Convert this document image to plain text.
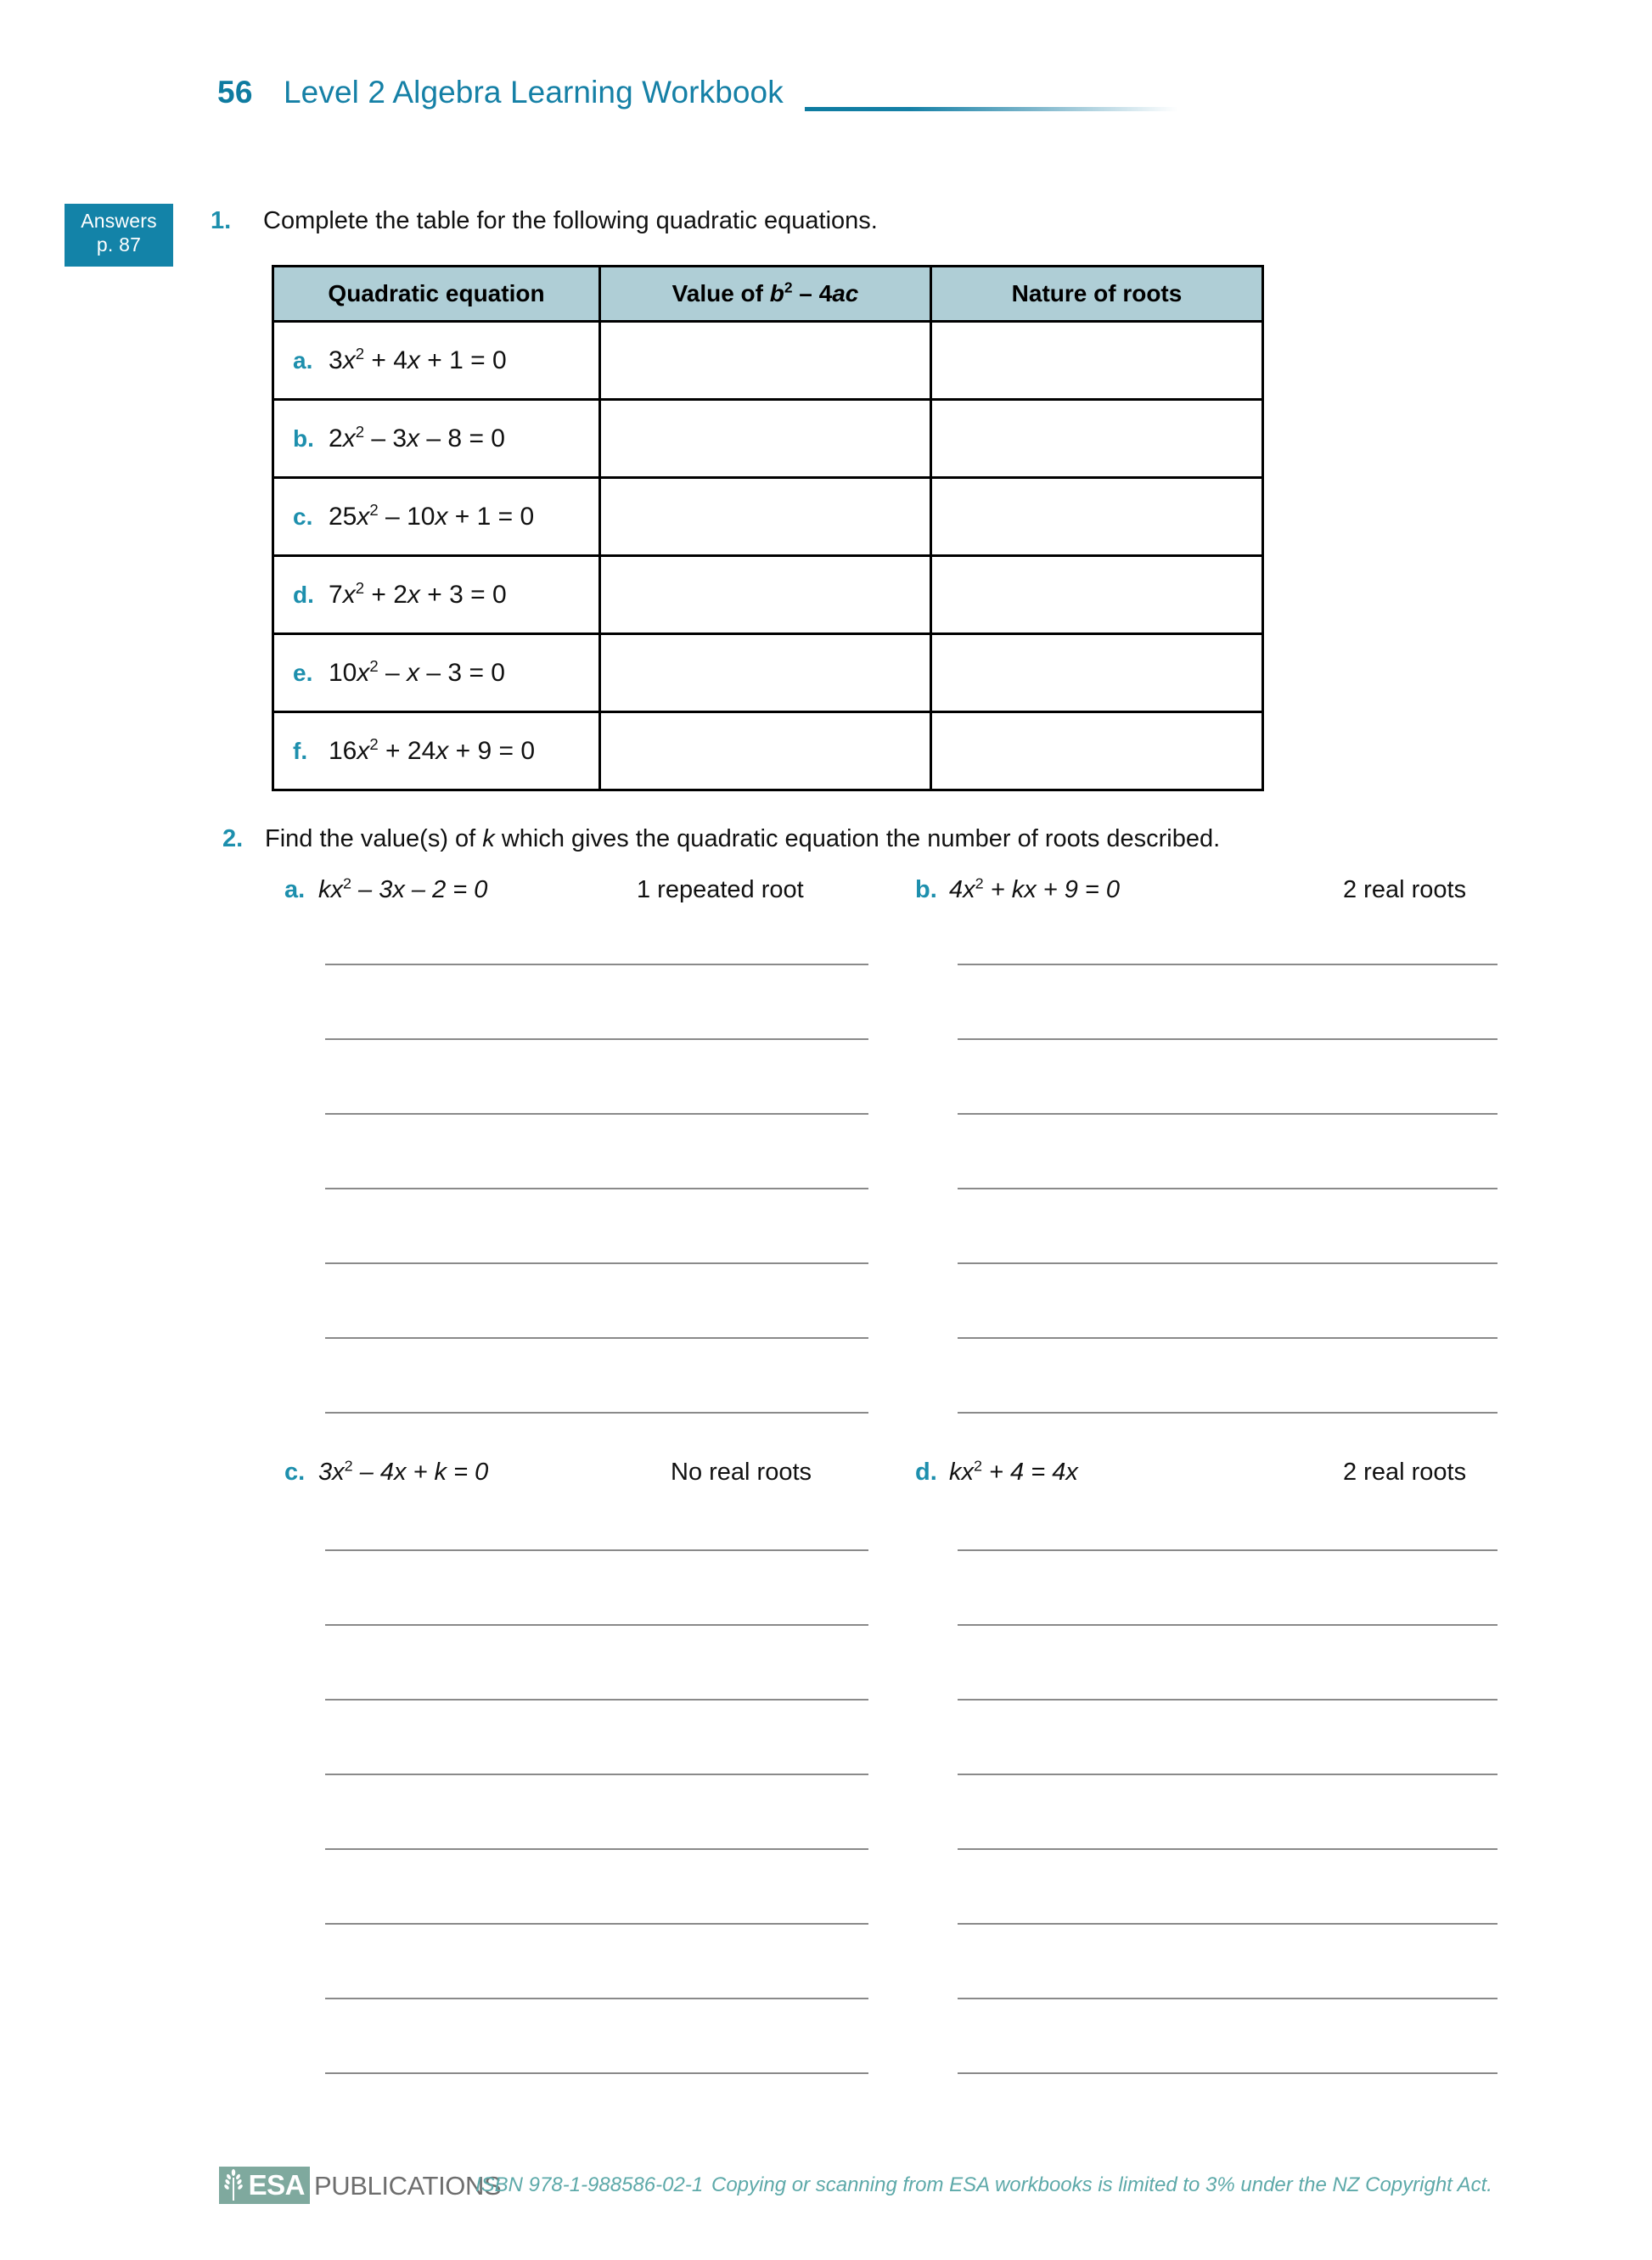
56 Level 2 Algebra Learning Workbook
Answers
p. 87
1. Complete the table for the following quadratic equations.
Quadratic equation	Value of $b^2 - 4ac$	Nature of roots
a. $3x^2 + 4x + 1 = 0$		
b. $2x^2 - 3x - 8 = 0$		
c. $25x^2 - 10x + 1 = 0$		
d. $7x^2 + 2x + 3 = 0$		
e. $10x^2 - x - 3 = 0$		
f. $16x^2 + 24x + 9 = 0$		
2. Find the value(s) of k which gives the quadratic equation the number of roots described.
a. $kx^2 - 3x - 2 = 0$	1 repeated root	b. $4x^2$ + kx + 9 = 0	2 real roots
c. $3x^2 - 4x + k = 0$	No real roots	d. $kx^2 + 4 = 4x$	2 real roots
ESA PUBLICATIONS
ISBN 978-1-988586-02-1 Copying or scanning from ESA workbooks is limited to 3% under the NZ Copyright Act.
